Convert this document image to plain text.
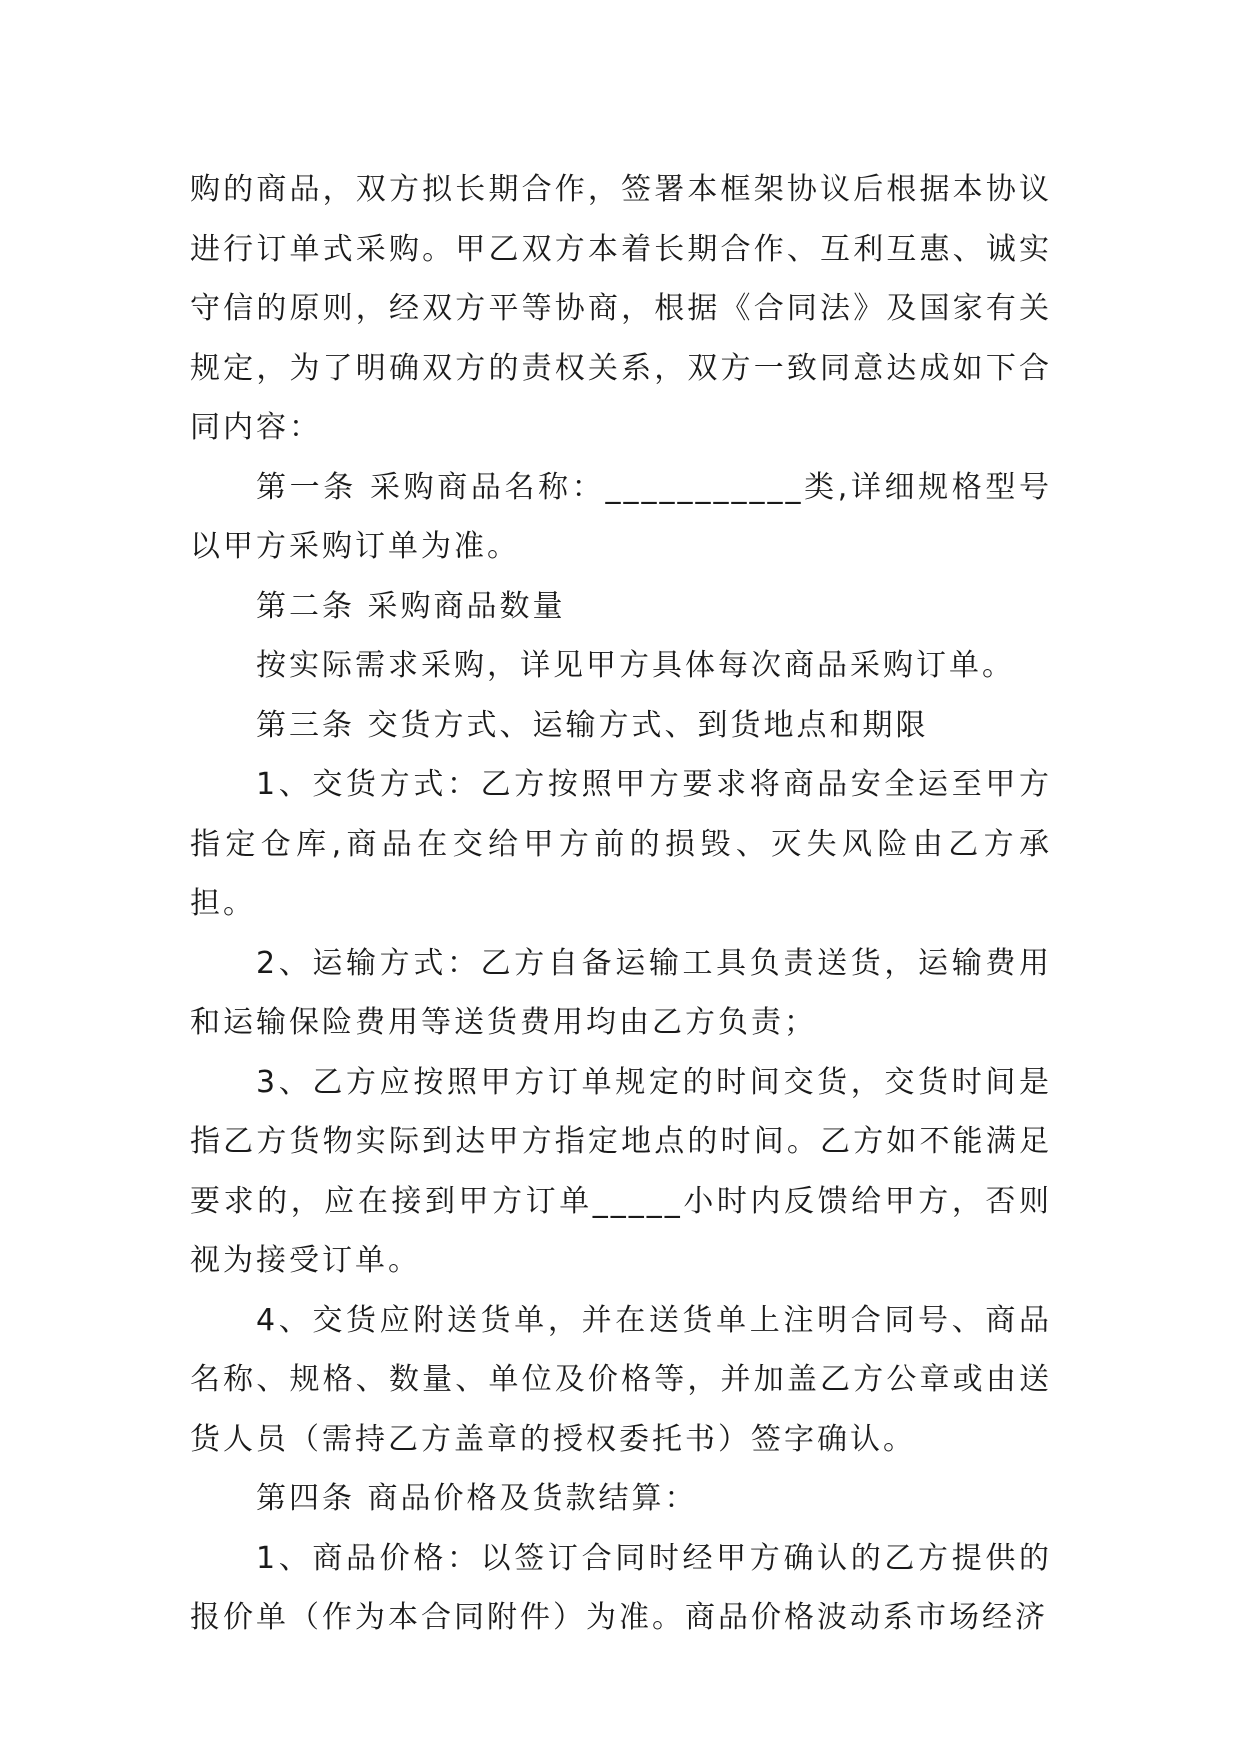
购的商品，双方拟长期合作，签署本框架协议后根据本协议进行订单式采购。甲乙双方本着长期合作、互利互惠、诚实守信的原则，经双方平等协商，根据《合同法》及国家有关规定，为了明确双方的责权关系，双方一致同意达成如下合同内容：

第一条 采购商品名称：___________类,详细规格型号以甲方采购订单为准。

第二条 采购商品数量

按实际需求采购，详见甲方具体每次商品采购订单。

第三条 交货方式、运输方式、到货地点和期限

1、交货方式：乙方按照甲方要求将商品安全运至甲方指定仓库,商品在交给甲方前的损毁、灭失风险由乙方承担。

2、运输方式：乙方自备运输工具负责送货，运输费用和运输保险费用等送货费用均由乙方负责；

3、乙方应按照甲方订单规定的时间交货，交货时间是指乙方货物实际到达甲方指定地点的时间。乙方如不能满足要求的，应在接到甲方订单_____小时内反馈给甲方，否则视为接受订单。

4、交货应附送货单，并在送货单上注明合同号、商品名称、规格、数量、单位及价格等，并加盖乙方公章或由送货人员（需持乙方盖章的授权委托书）签字确认。

第四条 商品价格及货款结算：

1、商品价格：以签订合同时经甲方确认的乙方提供的报价单（作为本合同附件）为准。商品价格波动系市场经济
